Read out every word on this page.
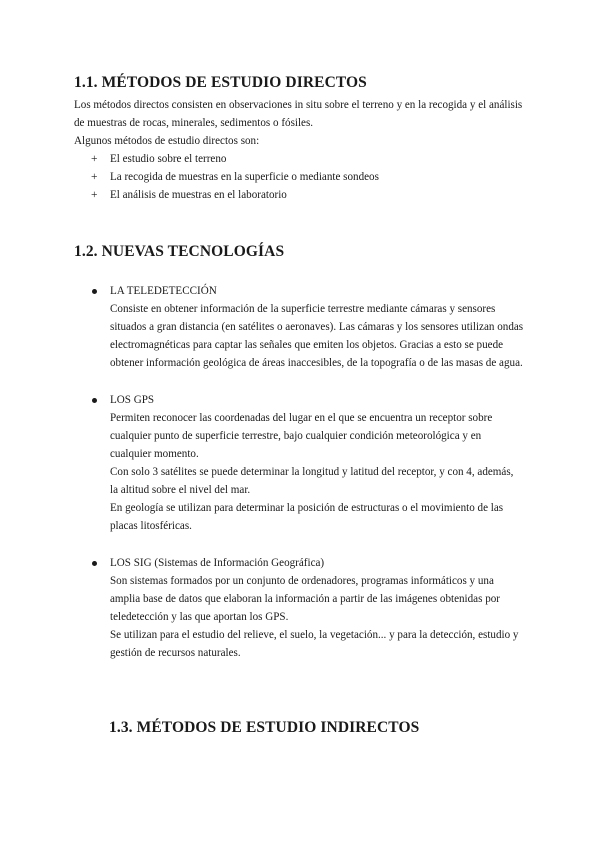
1.1. MÉTODOS DE ESTUDIO DIRECTOS

Los métodos directos consisten en observaciones in situ sobre el terreno y en la recogida y el análisis

de muestras de rocas, minerales, sedimentos o fósiles.

Algunos métodos de estudio directos son:

+ El estudio sobre el terreno

+ La recogida de muestras en la superficie o mediante sondeos

+ El análisis de muestras en el laboratorio

1.2. NUEVAS TECNOLOGÍAS

LA TELEDETECCIÓN

Consiste en obtener información de la superficie terrestre mediante cámaras y sensores

situados a gran distancia (en satélites o aeronaves). Las cámaras y los sensores utilizan ondas

electromagnéticas para captar las señales que emiten los objetos. Gracias a esto se puede

obtener información geológica de áreas inaccesibles, de la topografía o de las masas de agua.

LOS GPS

Permiten reconocer las coordenadas del lugar en el que se encuentra un receptor sobre

cualquier punto de superficie terrestre, bajo cualquier condición meteorológica y en

cualquier momento.

Con solo 3 satélites se puede determinar la longitud y latitud del receptor, y con 4, además,

la altitud sobre el nivel del mar.

En geología se utilizan para determinar la posición de estructuras o el movimiento de las

placas litosféricas.

LOS SIG (Sistemas de Información Geográfica)

Son sistemas formados por un conjunto de ordenadores, programas informáticos y una

amplia base de datos que elaboran la información a partir de las imágenes obtenidas por

teledetección y las que aportan los GPS.

Se utilizan para el estudio del relieve, el suelo, la vegetación... y para la detección, estudio y

gestión de recursos naturales.

1.3. MÉTODOS DE ESTUDIO INDIRECTOS
